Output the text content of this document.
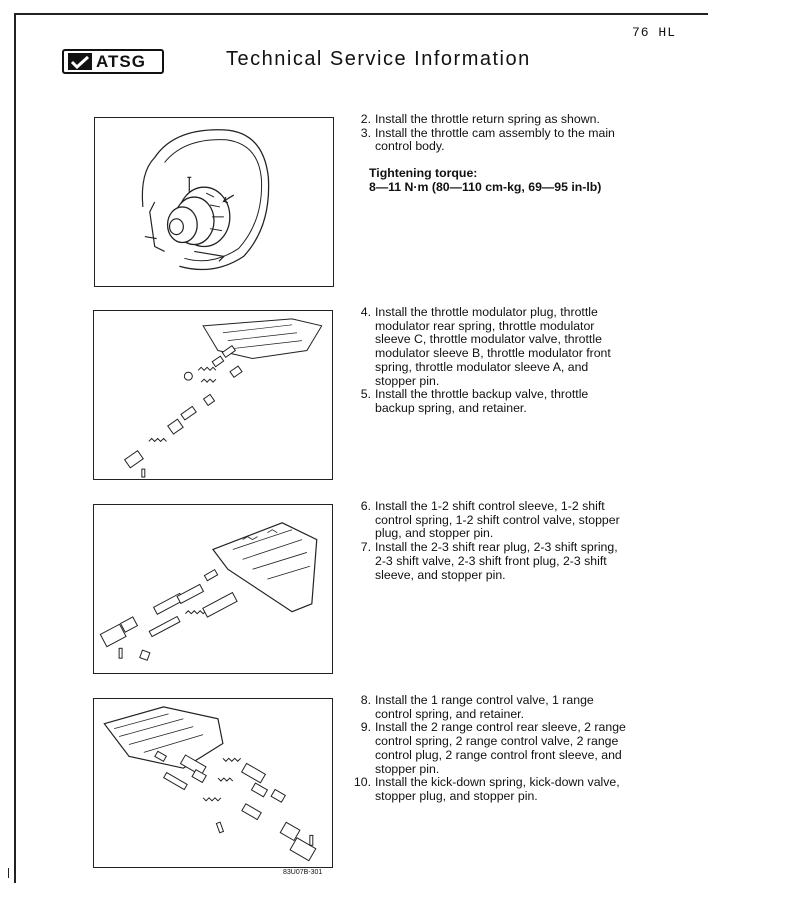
76 HL
ATSG	Technical Service Information
2. Install the throttle return spring as shown.
3. Install the throttle cam assembly to the main control body.
Tightening torque:
8—11 N·m (80—110 cm-kg, 69—95 in-lb)
4. Install the throttle modulator plug, throttle modulator rear spring, throttle modulator sleeve C, throttle modulator valve, throttle modulator sleeve B, throttle modulator front spring, throttle modulator sleeve A, and stopper pin.
5. Install the throttle backup valve, throttle backup spring, and retainer.
6. Install the 1-2 shift control sleeve, 1-2 shift control spring, 1-2 shift control valve, stopper plug, and stopper pin.
7. Install the 2-3 shift rear plug, 2-3 shift spring, 2-3 shift valve, 2-3 shift front plug, 2-3 shift sleeve, and stopper pin.
83U07B-301
8. Install the 1 range control valve, 1 range control spring, and retainer.
9. Install the 2 range control rear sleeve, 2 range control spring, 2 range control valve, 2 range control plug, 2 range control front sleeve, and stopper pin.
10. Install the kick-down spring, kick-down valve, stopper plug, and stopper pin.
